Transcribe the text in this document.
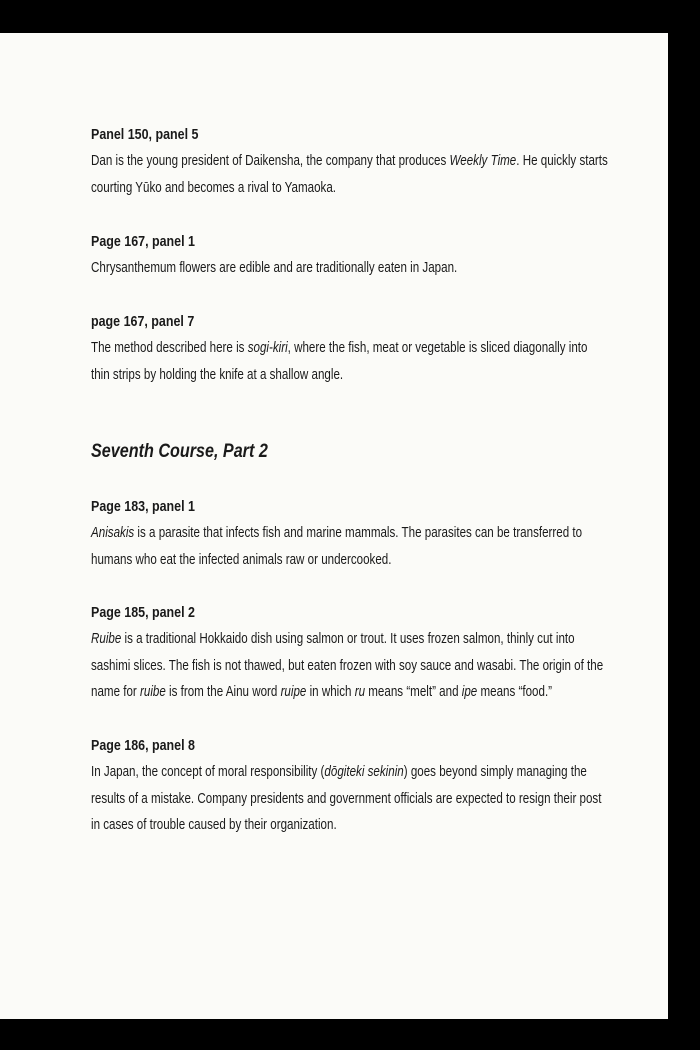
Panel 150, panel 5
Dan is the young president of Daikensha, the company that produces Weekly Time. He quickly starts
courting Yūko and becomes a rival to Yamaoka.
Page 167, panel 1
Chrysanthemum flowers are edible and are traditionally eaten in Japan.
page 167, panel 7
The method described here is sogi-kiri, where the fish, meat or vegetable is sliced diagonally into
thin strips by holding the knife at a shallow angle.
Seventh Course, Part 2
Page 183, panel 1
Anisakis is a parasite that infects fish and marine mammals. The parasites can be transferred to
humans who eat the infected animals raw or undercooked.
Page 185, panel 2
Ruibe is a traditional Hokkaido dish using salmon or trout. It uses frozen salmon, thinly cut into
sashimi slices. The fish is not thawed, but eaten frozen with soy sauce and wasabi. The origin of the
name for ruibe is from the Ainu word ruipe in which ru means “melt” and ipe means “food.”
Page 186, panel 8
In Japan, the concept of moral responsibility (dōgiteki sekinin) goes beyond simply managing the
results of a mistake. Company presidents and government officials are expected to resign their post
in cases of trouble caused by their organization.
